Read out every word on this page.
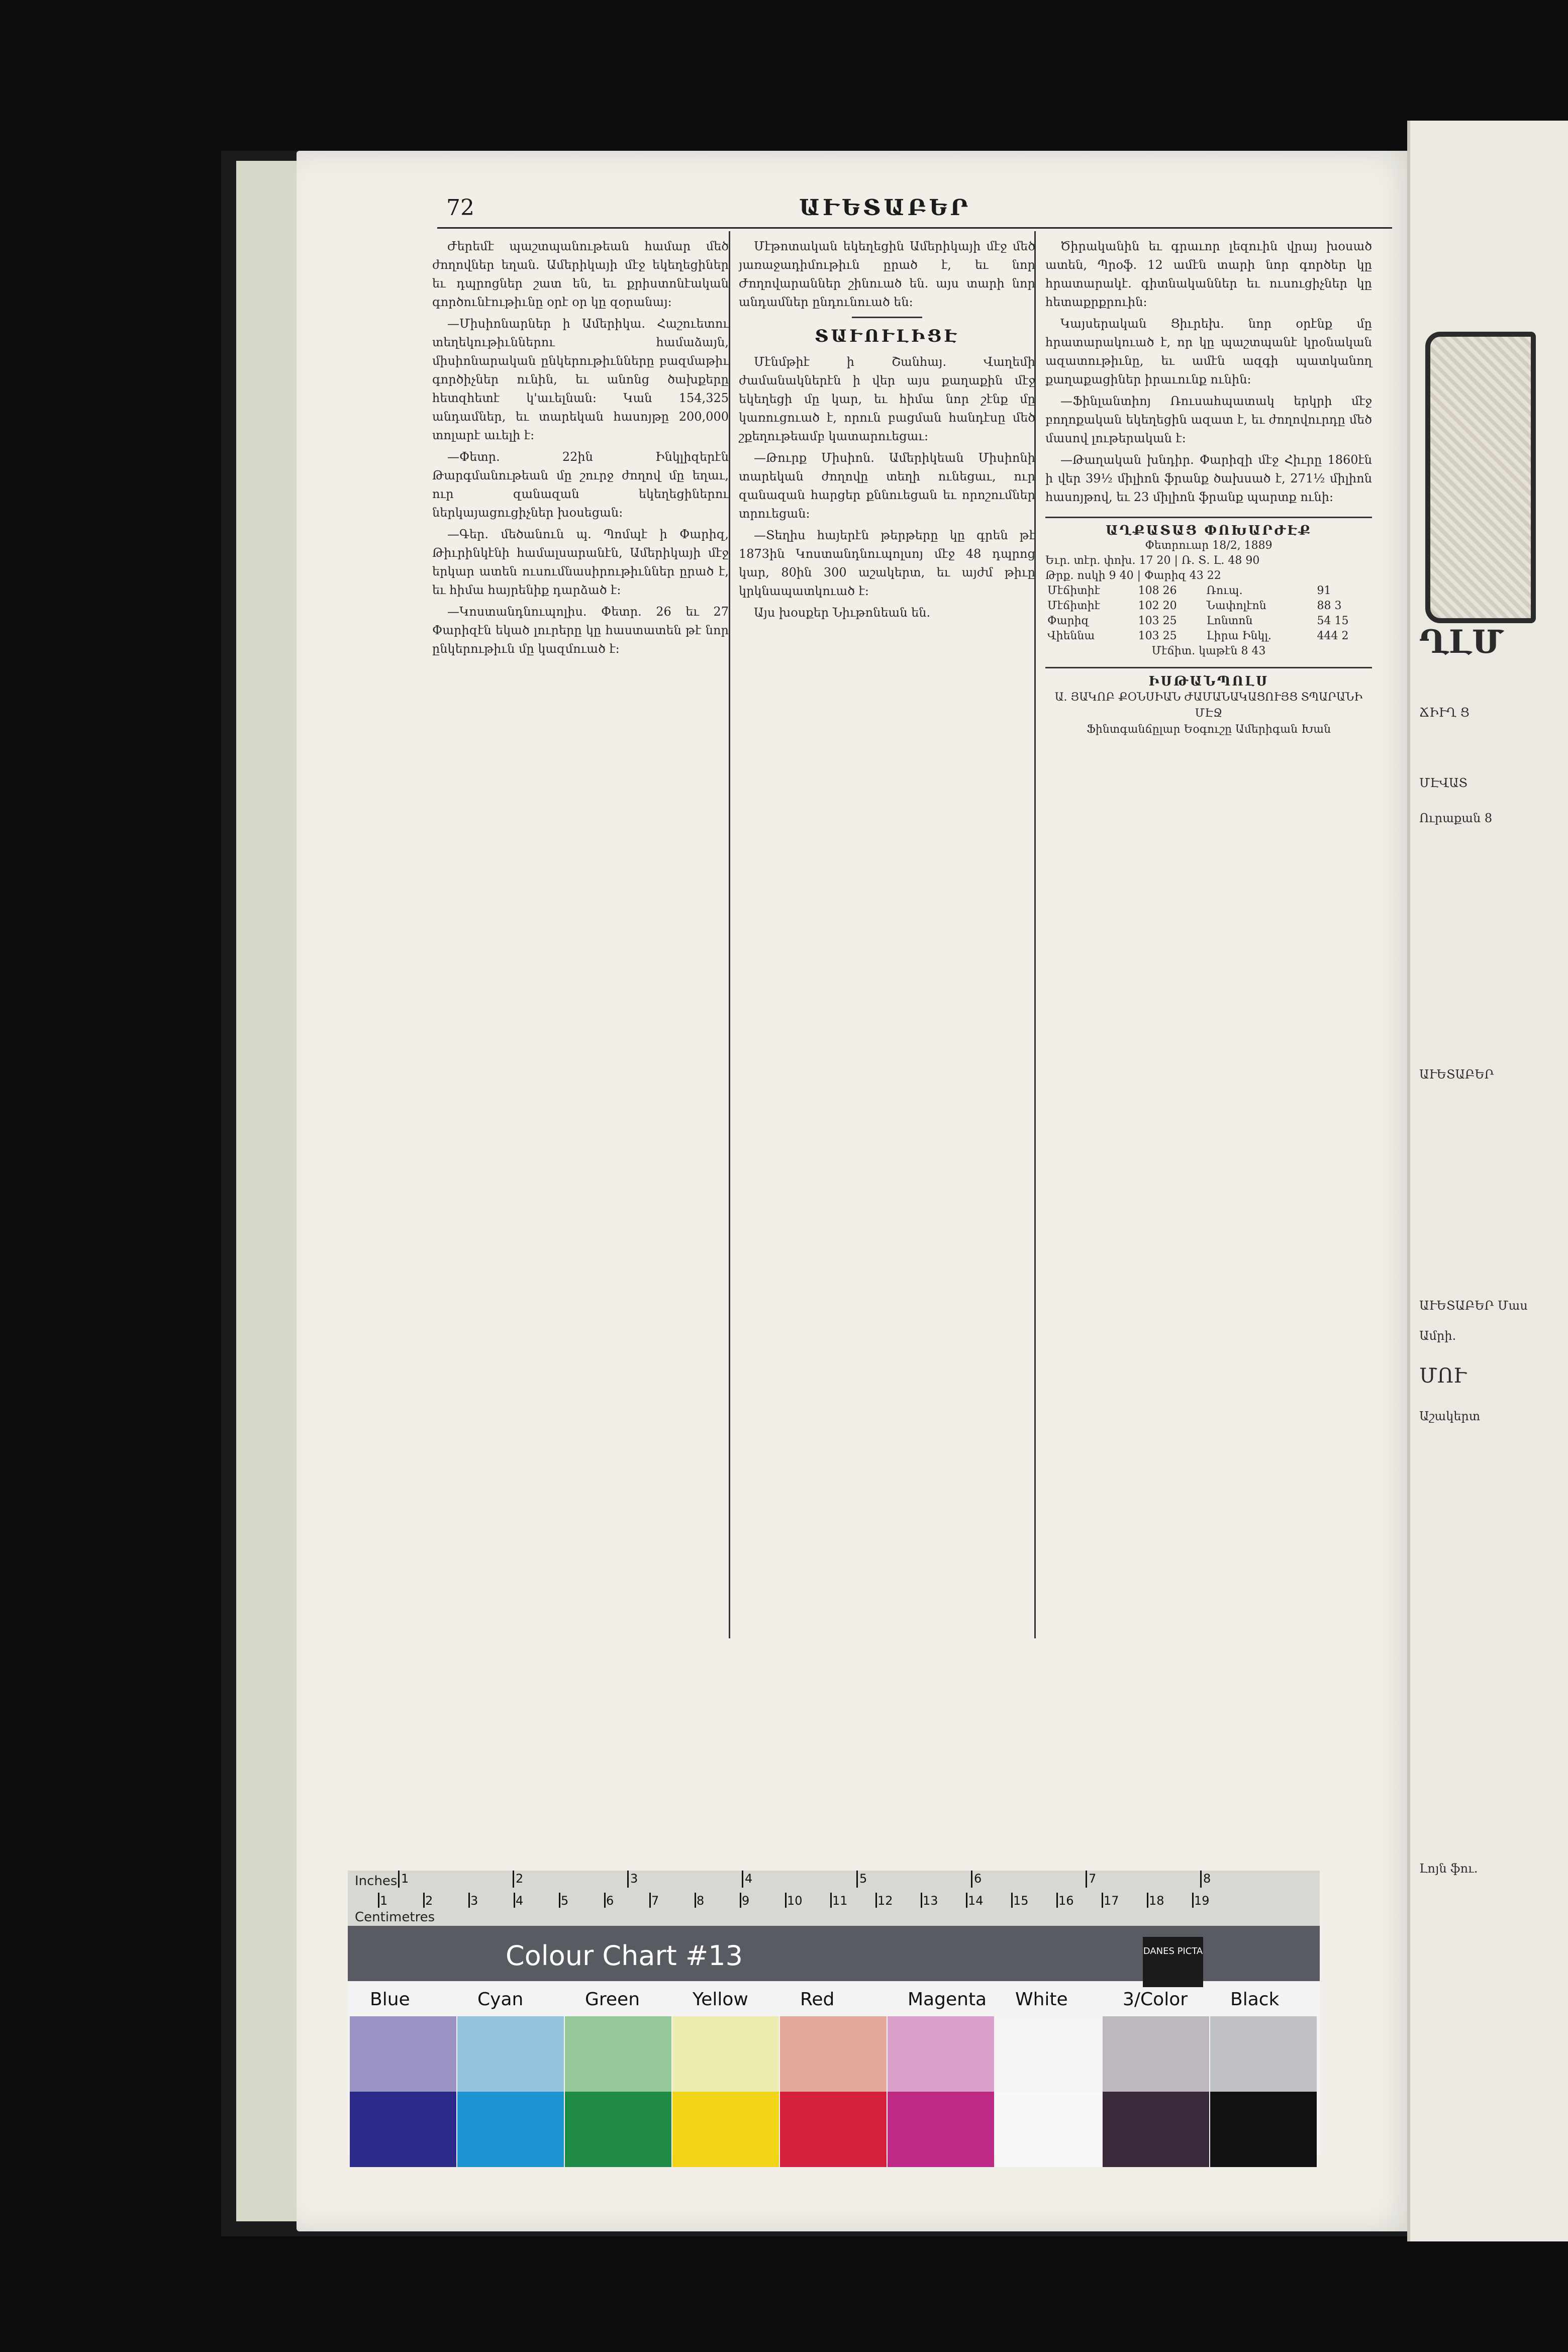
ՂԼՄ
ՃԻՒՂ Ց
ՄԷՎԱՏ
Ուրաքան 8
ԱՒԵՏԱԲԵՐ
ԱՒԵՏԱԲԵՐ Մաս
Ամրի.
ՄՈՒ
Աշակերտ
Լոյն ֆու.
72	ԱՒԵՏԱԲԵՐ

Ժերեմէ պաշտպանութեան համար մեծ ժողովներ եղան. Ամերիկայի մէջ եկեղեցիներ եւ դպրոցներ շատ են, եւ քրիստոնէական գործունէութիւնը օրէ օր կը զօրանայ։

—Միսիոնարներ ի Ամերիկա. Հաշուետու տեղեկութիւններու համաձայն, միսիոնարական ընկերութիւնները բազմաթիւ գործիչներ ունին, եւ անոնց ծախքերը հետզհետէ կ'աւելնան։ Կան 154,325 անդամներ, եւ տարեկան հասոյթը 200,000 տոլարէ աւելի է։

—Փետր. 22ին Ինկլիզերէն Թարգմանութեան մը շուրջ ժողով մը եղաւ, ուր զանազան եկեղեցիներու ներկայացուցիչներ խօսեցան։

—Գեր. մեծանուն պ. Պոմպէ ի Փարիզ, Թիւրինկէնի համալսարանէն, Ամերիկայի մէջ երկար ատեն ուսումնասիրութիւններ ըրած է, եւ հիմա հայրենիք դարձած է։

—Կոստանդնուպոլիս. Փետր. 26 եւ 27 Փարիզէն եկած լուրերը կը հաստատեն թէ նոր ընկերութիւն մը կազմուած է։

Մէթոտական եկեղեցին Ամերիկայի մէջ մեծ յառաջադիմութիւն ըրած է, եւ նոր Ժողովարաններ շինուած են. այս տարի նոր անդամներ ընդունուած են։

ՏԱՒՈՒԼԻՑԷ

Մէնմթիէ ի Շանհայ. Վաղեմի ժամանակներէն ի վեր այս քաղաքին մէջ եկեղեցի մը կար, եւ հիմա նոր շէնք մը կառուցուած է, որուն բացման հանդէսը մեծ շքեղութեամբ կատարուեցաւ։

—Թուրք Միսիոն. Ամերիկեան Միսիոնի տարեկան ժողովը տեղի ունեցաւ, ուր զանազան հարցեր քննուեցան եւ որոշումներ տրուեցան։

—Տեղիս հայերէն թերթերը կը գրեն թէ 1873ին Կոստանդնուպոլսոյ մէջ 48 դպրոց կար, 80ին 300 աշակերտ, եւ այժմ թիւը կրկնապատկուած է։

Այս խօսքեր Նիւթոնեան են.

Ծիրականին եւ գրաւոր լեզուին վրայ խօսած ատեն, Պրօֆ. 12 ամէն տարի նոր գործեր կը հրատարակէ. գիտնականներ եւ ուսուցիչներ կը հետաքրքրուին։

Կայսերական Ցիւրեխ. նոր օրէնք մը հրատարակուած է, որ կը պաշտպանէ կրօնական ազատութիւնը, եւ ամէն ազգի պատկանող քաղաքացիներ իրաւունք ունին։

—Ֆինլանտիոյ Ռուսահպատակ երկրի մէջ բողոքական եկեղեցին ազատ է, եւ ժողովուրդը մեծ մասով լութերական է։

—Թաղական խնդիր. Փարիզի մէջ Հիւրը 1860էն ի վեր 39½ միլիոն ֆրանք ծախսած է, 271½ միլիոն հասոյթով, եւ 23 միլիոն ֆրանք պարտք ունի։

ԱՂՔԱՏԱՑ ՓՈԽԱՐԺԷՔ
Փետրուար 18/2, 1889
Եւր. տէր. փոխ. 17 20 | Ռ. Տ. Լ. 48 90
Թրք. ոսկի 9 40 | Փարիզ 43 22
Մէճիտիէ	108 26	Ռուպ.	91
Մէճիտիէ	102 20	Նափոլէոն	88 3
Փարիզ	103 25	Լոնտոն	54 15
Վիեննա	103 25	Լիրա Ինկլ.	444 2
Մէճիտ. կաթէն 8 43
ԻՍԹԱՆՊՈԼՍ
Ա. ՅԱԿՈԲ ՔՕՆՍԻԱՆ ԺԱՄԱՆԱԿԱՑՈՒՅՑ ՏՊԱՐԱՆԻ ՄԷՋ
Ֆինտգանճըլար Եօգուշը Ամերիգան Խան
Inches
Centimetres
1	2	3	4	5	6	7	8
1	2	3	4	5	6	7	8	9	10 11 12 13 14 15 16 17 18 19
Colour Chart #13	DANES PICTA
Blue	Cyan	Green	Yellow	Red	Magenta White	3/Color Black
